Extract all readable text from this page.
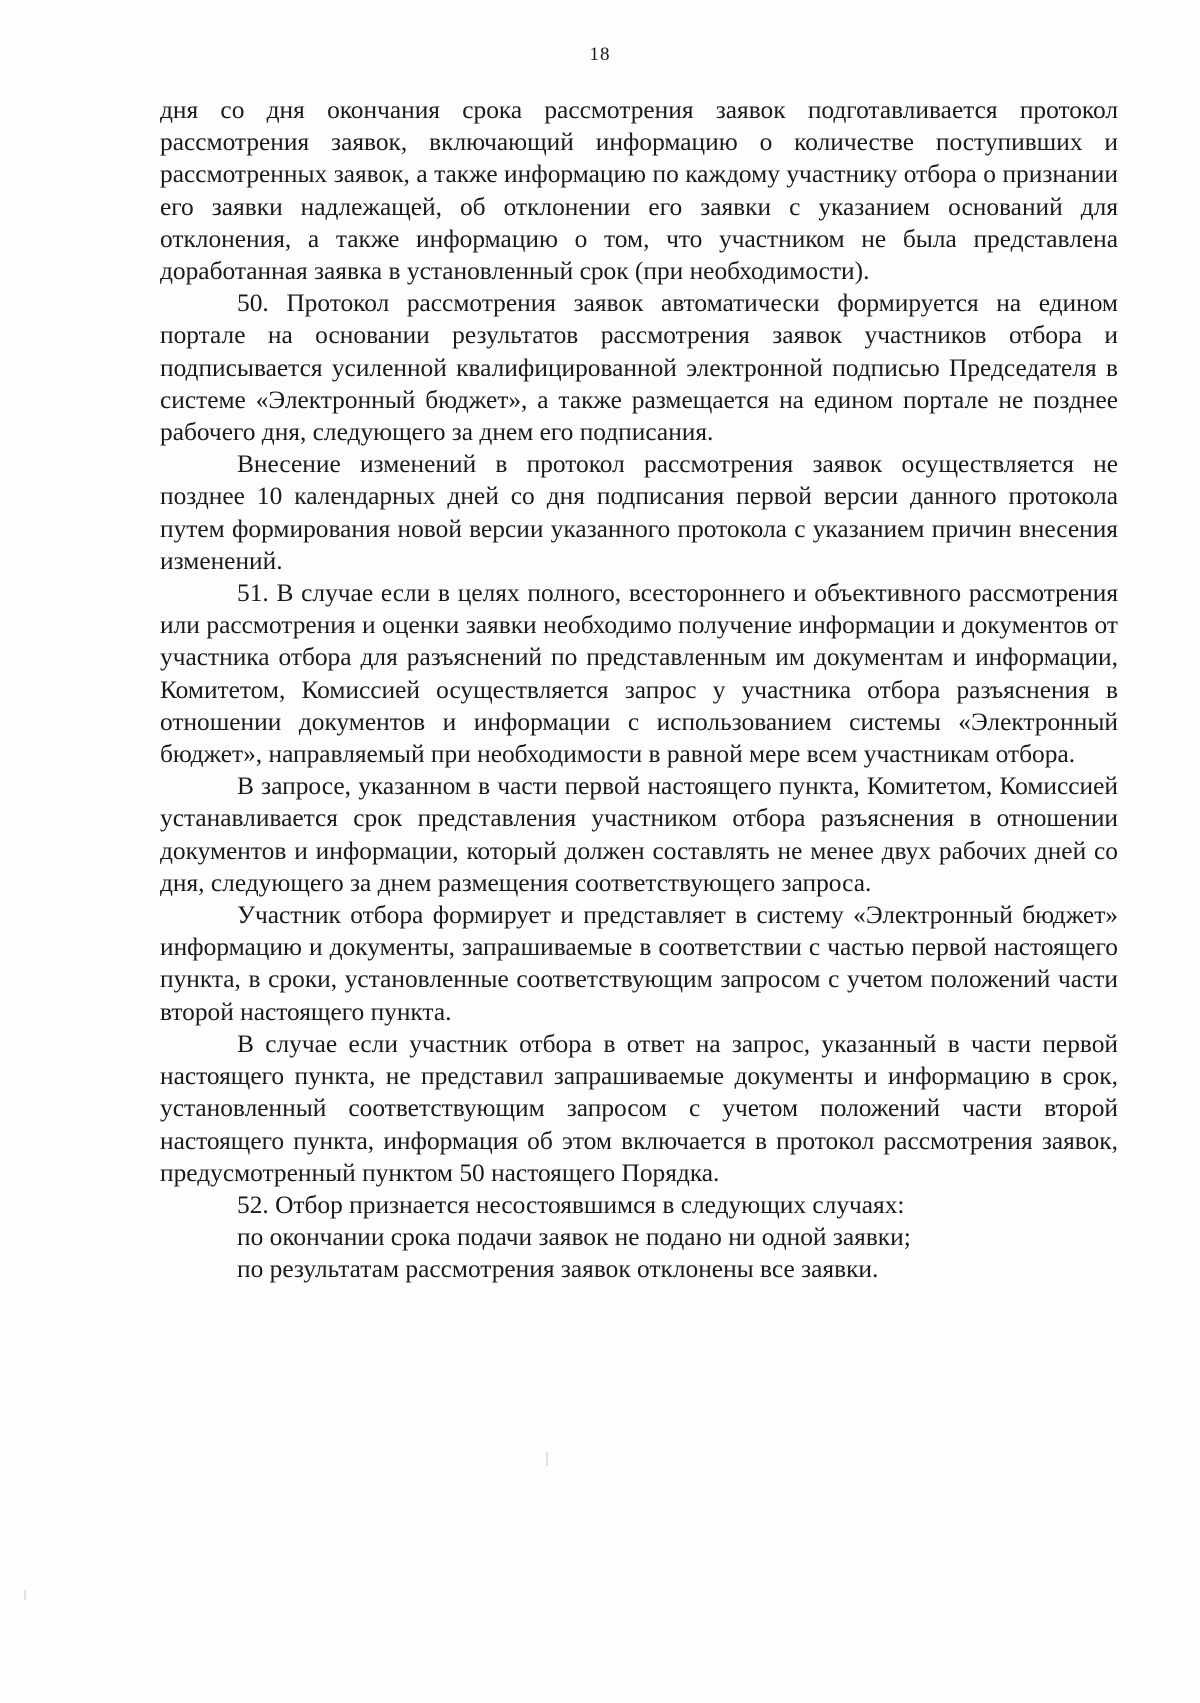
18

дня со дня окончания срока рассмотрения заявок подготавливается протокол рассмотрения заявок, включающий информацию о количестве поступивших и рассмотренных заявок, а также информацию по каждому участнику отбора о признании его заявки надлежащей, об отклонении его заявки с указанием оснований для отклонения, а также информацию о том, что участником не была представлена доработанная заявка в установленный срок (при необходимости).

50. Протокол рассмотрения заявок автоматически формируется на едином портале на основании результатов рассмотрения заявок участников отбора и подписывается усиленной квалифицированной электронной подписью Председателя в системе «Электронный бюджет», а также размещается на едином портале не позднее рабочего дня, следующего за днем его подписания.

Внесение изменений в протокол рассмотрения заявок осуществляется не позднее 10 календарных дней со дня подписания первой версии данного протокола путем формирования новой версии указанного протокола с указанием причин внесения изменений.

51. В случае если в целях полного, всестороннего и объективного рассмотрения или рассмотрения и оценки заявки необходимо получение информации и документов от участника отбора для разъяснений по представленным им документам и информации, Комитетом, Комиссией осуществляется запрос у участника отбора разъяснения в отношении документов и информации с использованием системы «Электронный бюджет», направляемый при необходимости в равной мере всем участникам отбора.

В запросе, указанном в части первой настоящего пункта, Комитетом, Комиссией устанавливается срок представления участником отбора разъяснения в отношении документов и информации, который должен составлять не менее двух рабочих дней со дня, следующего за днем размещения соответствующего запроса.

Участник отбора формирует и представляет в систему «Электронный бюджет» информацию и документы, запрашиваемые в соответствии с частью первой настоящего пункта, в сроки, установленные соответствующим запросом с учетом положений части второй настоящего пункта.

В случае если участник отбора в ответ на запрос, указанный в части первой настоящего пункта, не представил запрашиваемые документы и информацию в срок, установленный соответствующим запросом с учетом положений части второй настоящего пункта, информация об этом включается в протокол рассмотрения заявок, предусмотренный пунктом 50 настоящего Порядка.

52. Отбор признается несостоявшимся в следующих случаях:

по окончании срока подачи заявок не подано ни одной заявки;

по результатам рассмотрения заявок отклонены все заявки.
